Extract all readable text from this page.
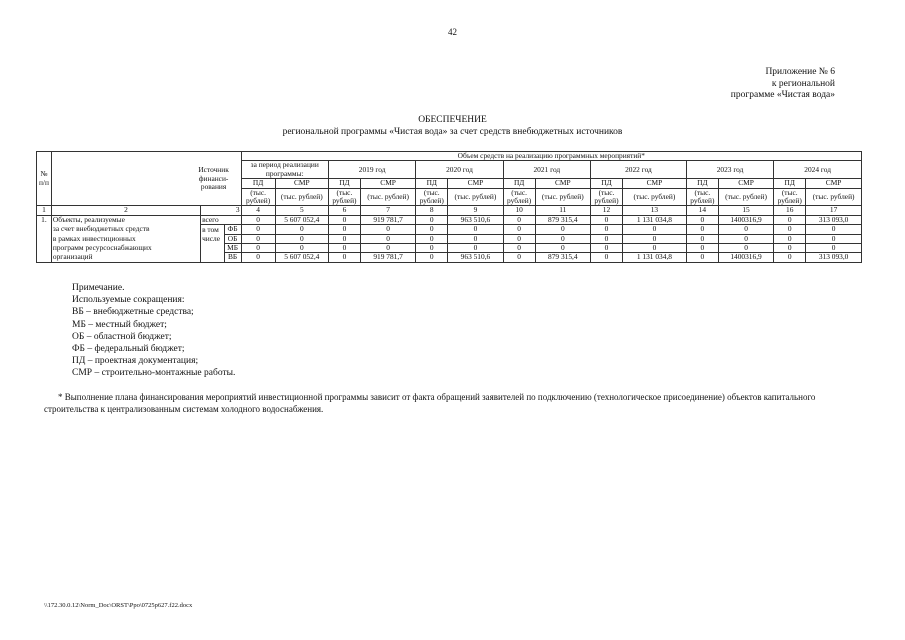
42
Приложение № 6
к региональной
программе «Чистая вода»
ОБЕСПЕЧЕНИЕ
региональной программы «Чистая вода» за счет средств внебюджетных источников
№ п/п	Источник финанси-рования			Объем средств на реализацию программных мероприятий*													
				за период реализации программы:		2019 год		2020 год		2021 год		2022 год		2023 год		2024 год	
				ПД	СМР	ПД	СМР	ПД	СМР	ПД	СМР	ПД	СМР	ПД	СМР	ПД	СМР
				(тыс. рублей)	(тыс. рублей)	(тыс. рублей)	(тыс. рублей)	(тыс. рублей)	(тыс. рублей)	(тыс. рублей)	(тыс. рублей)	(тыс. рублей)	(тыс. рублей)	(тыс. рублей)	(тыс. рублей)	(тыс. рублей)	(тыс. рублей)
1	2	3		4	5	6	7	8	9	10	11	12	13	14	15	16	17
1.	Объекты, реализуемые	всего		0	5 607 052,4	0	919 781,7	0	963 510,6	0	879 315,4	0	1 131 034,8	0	1400316,9	0	313 093,0
	за счет внебюджетных средств	в том	ФБ	0	0	0	0	0	0	0	0	0	0	0	0	0	0
	в рамках инвестиционных	числе	ОБ	0	0	0	0	0	0	0	0	0	0	0	0	0	0
	программ ресурсоснабжающих		МБ	0	0	0	0	0	0	0	0	0	0	0	0	0	0
	организаций		ВБ	0	5 607 052,4	0	919 781,7	0	963 510,6	0	879 315,4	0	1 131 034,8	0	1400316,9	0	313 093,0
Примечание.
Используемые сокращения:
ВБ – внебюджетные средства;
МБ – местный бюджет;
ОБ – областной бюджет;
ФБ – федеральный бюджет;
ПД – проектная документация;
СМР – строительно-монтажные работы.
* Выполнение плана финансирования мероприятий инвестиционной программы зависит от факта обращений заявителей по подключению (технологическое присоединение) объектов капитального строительства к централизованным системам холодного водоснабжения.
\\172.30.0.12\Norm_Doc\ORST\Ppo\0725p627.f22.docx
